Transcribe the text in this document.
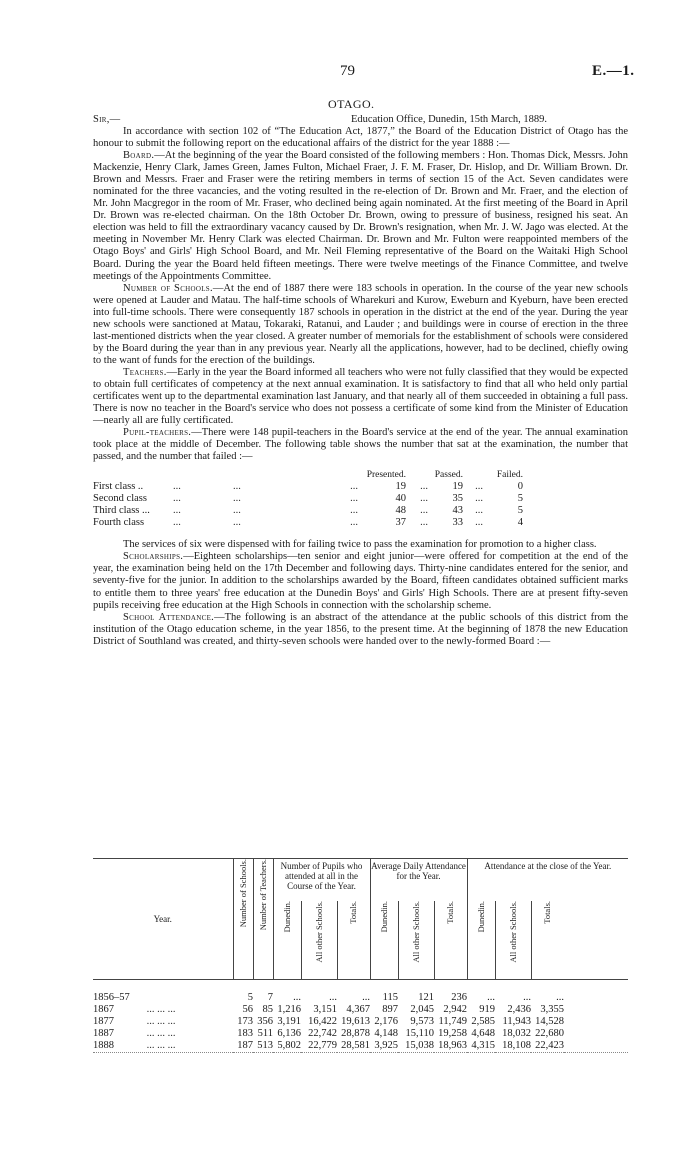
79	E.—1.
OTAGO.
Sir,—	Education Office, Dunedin, 15th March, 1889.

In accordance with section 102 of “The Education Act, 1877,” the Board of the Education District of Otago has the honour to submit the following report on the educational affairs of the district for the year 1888 :—

Board.—At the beginning of the year the Board consisted of the following members : Hon. Thomas Dick, Messrs. John Mackenzie, Henry Clark, James Green, James Fulton, Michael Fraer, J. F. M. Fraser, Dr. Hislop, and Dr. William Brown. Dr. Brown and Messrs. Fraer and Fraser were the retiring members in terms of section 15 of the Act. Seven candidates were nominated for the three vacancies, and the voting resulted in the re-election of Dr. Brown and Mr. Fraer, and the election of Mr. John Macgregor in the room of Mr. Fraser, who declined being again nominated. At the first meeting of the Board in April Dr. Brown was re-elected chairman. On the 18th October Dr. Brown, owing to pressure of business, resigned his seat. An election was held to fill the extraordinary vacancy caused by Dr. Brown's resignation, when Mr. J. W. Jago was elected. At the meeting in November Mr. Henry Clark was elected Chairman. Dr. Brown and Mr. Fulton were reappointed members of the Otago Boys' and Girls' High School Board, and Mr. Neil Fleming representative of the Board on the Waitaki High School Board. During the year the Board held fifteen meetings. There were twelve meetings of the Finance Committee, and twelve meetings of the Appointments Committee.

Number of Schools.—At the end of 1887 there were 183 schools in operation. In the course of the year new schools were opened at Lauder and Matau. The half-time schools of Wharekuri and Kurow, Eweburn and Kyeburn, have been erected into full-time schools. There were consequently 187 schools in operation in the district at the end of the year. During the year new schools were sanctioned at Matau, Tokaraki, Ratanui, and Lauder ; and buildings were in course of erection in the three last-mentioned districts when the year closed. A greater number of memorials for the establishment of schools were considered by the Board during the year than in any previous year. Nearly all the applications, however, had to be declined, chiefly owing to the want of funds for the erection of the buildings.

Teachers.—Early in the year the Board informed all teachers who were not fully classified that they would be expected to obtain full certificates of competency at the next annual examination. It is satisfactory to find that all who held only partial certificates went up to the departmental examination last January, and that nearly all of them succeeded in obtaining a full pass. There is now no teacher in the Board's service who does not possess a certificate of some kind from the Minister of Education—nearly all are fully certificated.

Pupil-teachers.—There were 148 pupil-teachers in the Board's service at the end of the year. The annual examination took place at the middle of December. The following table shows the number that sat at the examination, the number that passed, and the number that failed :—

				Presented.		Passed.		Failed.
First class ..	...	...	...	19	...	19	...	0
Second class	...	...	...	40	...	35	...	5
Third class ...	...	...	...	48	...	43	...	5
Fourth class	...	...	...	37	...	33	...	4

The services of six were dispensed with for failing twice to pass the examination for promotion to a higher class.

Scholarships.—Eighteen scholarships—ten senior and eight junior—were offered for competition at the end of the year, the examination being held on the 17th December and following days. Thirty-nine candidates entered for the senior, and seventy-five for the junior. In addition to the scholarships awarded by the Board, fifteen candidates obtained sufficient marks to entitle them to three years' free education at the Dunedin Boys' and Girls' High Schools. There are at present fifty-seven pupils receiving free education at the High Schools in connection with the scholarship scheme.

School Attendance.—The following is an abstract of the attendance at the public schools of this district from the institution of the Otago education scheme, in the year 1856, to the present time. At the beginning of 1878 the new Education District of Southland was created, and thirty-seven schools were handed over to the newly-formed Board :—

Year.	Number of Schools.	Number of Teachers.	Number of Pupils who attended at all in the Course of the Year.			Average Daily Attendance for the Year.			Attendance at the close of the Year.			
			Dunedin.	All other Schools.	Totals.	Dunedin.	All other Schools.	Totals.	Dunedin.	All other Schools.	Totals.	

1856–57	5	7	...	...	...	115	121	236	...	...	...	
1867 ... ... ...	56	85	1,216	3,151	4,367	897	2,045	2,942	919	2,436	3,355	
1877 ... ... ...	173	356	3,191	16,422	19,613	2,176	9,573	11,749	2,585	11,943	14,528	
1887 ... ... ...	183	511	6,136	22,742	28,878	4,148	15,110	19,258	4,648	18,032	22,680	
1888 ... ... ...	187	513	5,802	22,779	28,581	3,925	15,038	18,963	4,315	18,108	22,423	
